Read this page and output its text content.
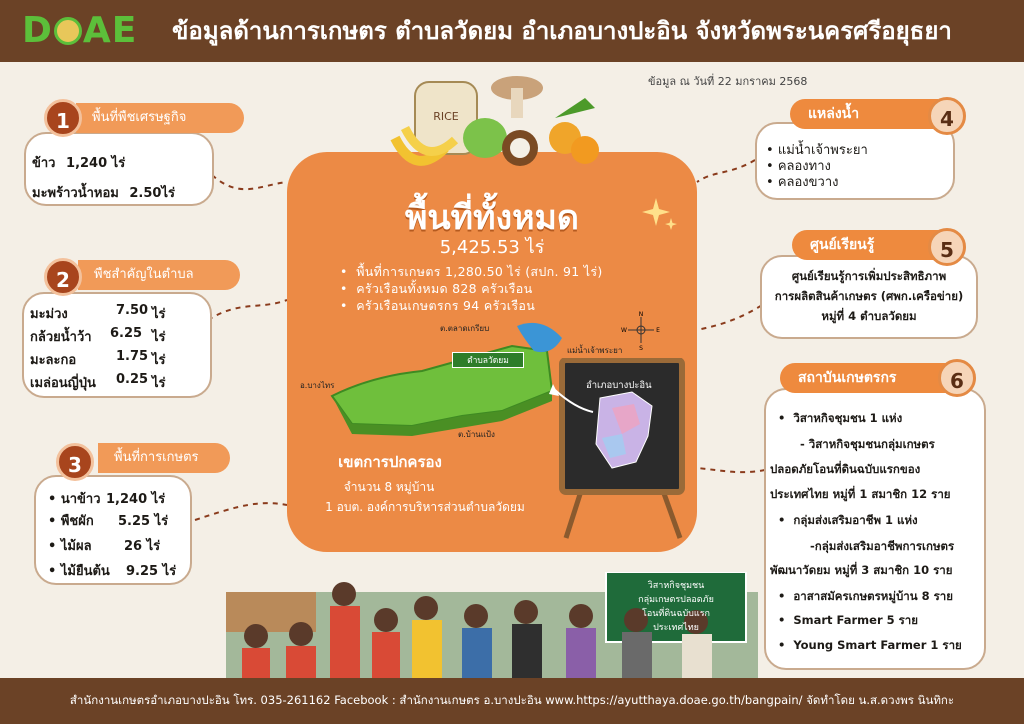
D AE	ข้อมูลด้านการเกษตร ตำบลวัดยม อำเภอบางปะอิน จังหวัดพระนครศรีอยุธยา
ข้อมูล ณ วันที่ 22 มกราคม 2568
พื้นที่พืชเศรษฐกิจ
1
ข้าว 1,240 ไร่
มะพร้าวน้ำหอม 2.50ไร่
พืชสำคัญในตำบล
2
มะม่วง	7.50 ไร่
กล้วยน้ำว้า 6.25 ไร่
มะละกอ	1.75 ไร่
เมล่อนญี่ปุ่น 0.25 ไร่
พื้นที่การเกษตร
3
• นาข้าว 1,240 ไร่
• พืชผัก 5.25 ไร่
• ไม้ผล 26 ไร่
• ไม้ยืนต้น 9.25 ไร่
แหล่งน้ำ	4
• แม่น้ำเจ้าพระยา
• คลองทาง
• คลองขวาง
ศูนย์เรียนรู้	5
ศูนย์เรียนรู้การเพิ่มประสิทธิภาพ
การผลิตสินค้าเกษตร (ศพก.เครือข่าย)
หมู่ที่ 4 ตำบลวัดยม
สถาบันเกษตรกร	6
•  วิสาหกิจชุมชน 1 แห่ง
- วิสาหกิจชุมชนกลุ่มเกษตร
ปลอดภัยโอนที่ดินฉบับแรกของ
ประเทศไทย หมู่ที่ 1 สมาชิก 12 ราย
•  กลุ่มส่งเสริมอาชีพ 1 แห่ง
-กลุ่มส่งเสริมอาชีพการเกษตร
พัฒนาวัดยม หมู่ที่ 3 สมาชิก 10 ราย
•  อาสาสมัครเกษตรหมู่บ้าน 8 ราย
•  Smart Farmer 5 ราย
•  Young Smart Farmer 1 ราย
RICE
พื้นที่ทั้งหมด
5,425.53 ไร่
•  พื้นที่การเกษตร 1,280.50 ไร่ (สปก. 91 ไร่)
•  ครัวเรือนทั้งหมด 828 ครัวเรือน
•  ครัวเรือนเกษตรกร 94 ครัวเรือน
ต.ตลาดเกรียบ
อ.บางไทร
ต.บ้านแป้ง
แม่น้ำเจ้าพระยา
ตำบลวัดยม
N
W	E
S
อำเภอบางปะอิน
เขตการปกครอง
จำนวน 8 หมู่บ้าน
1 อบต. องค์การบริหารส่วนตำบลวัดยม
วิสาหกิจชุมชน
กลุ่มเกษตรปลอดภัย
โอนที่ดินฉบับแรก
ประเทศไทย
สำนักงานเกษตรอำเภอบางปะอิน โทร. 035-261162 Facebook : สำนักงานเกษตร อ.บางปะอิน www.https://ayutthaya.doae.go.th/bangpain/ จัดทำโดย น.ส.ดวงพร นินทิกะ
